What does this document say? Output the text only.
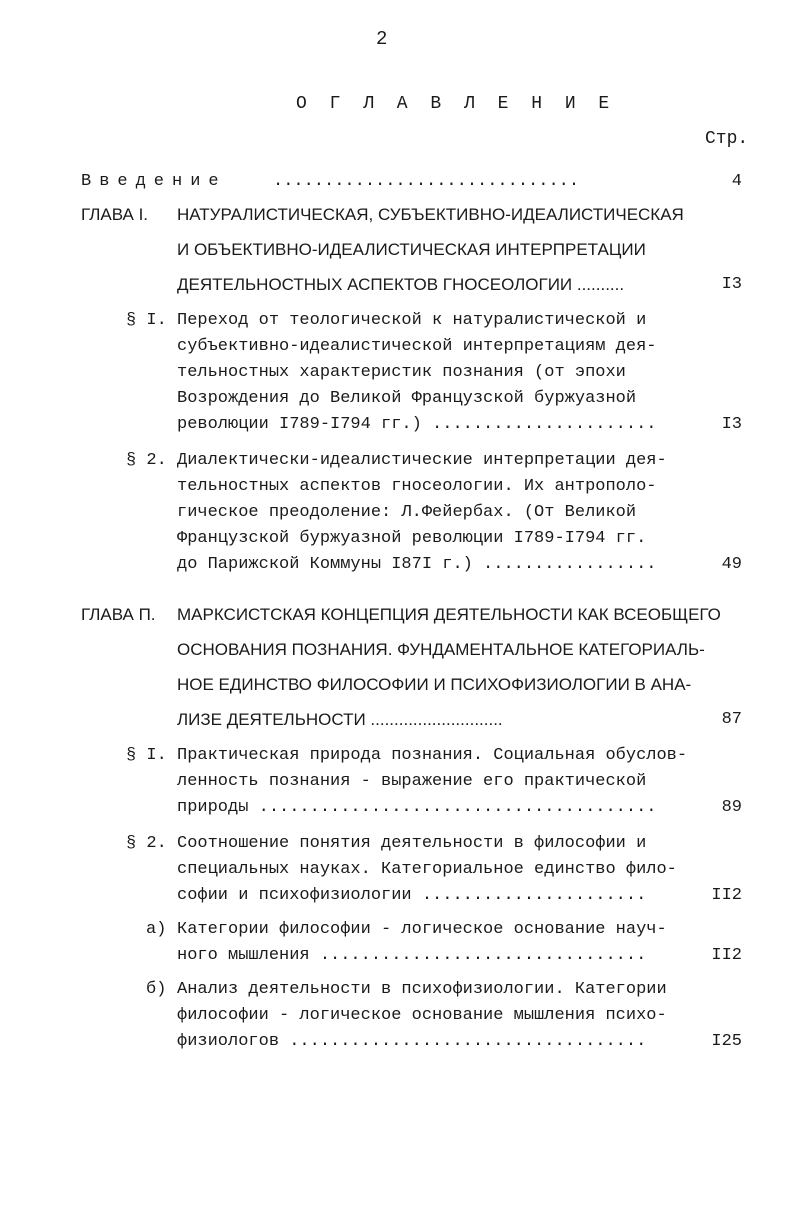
2
О Г Л А В Л Е Н И Е
Стр.
Введение	..............................	4
ГЛАВА I. НАТУРАЛИСТИЧЕСКАЯ, СУБЪЕКТИВНО-ИДЕАЛИСТИЧЕСКАЯ
И ОБЪЕКТИВНО-ИДЕАЛИСТИЧЕСКАЯ ИНТЕРПРЕТАЦИИ
ДЕЯТЕЛЬНОСТНЫХ АСПЕКТОВ ГНОСЕОЛОГИИ ..........	I3
§ I. Переход от теологической к натуралистической и
субъективно-идеалистической интерпретациям дея-
тельностных характеристик познания (от эпохи
Возрождения до Великой Французской буржуазной
революции I789-I794 гг.) ......................	I3
§ 2. Диалектически-идеалистические интерпретации дея-
тельностных аспектов гносеологии. Их антрополо-
гическое преодоление: Л.Фейербах. (От Великой
Французской буржуазной революции I789-I794 гг.
до Парижской Коммуны I87I г.) .................	49
ГЛАВА П. МАРКСИСТСКАЯ КОНЦЕПЦИЯ ДЕЯТЕЛЬНОСТИ КАК ВСЕОБЩЕГО
ОСНОВАНИЯ ПОЗНАНИЯ. ФУНДАМЕНТАЛЬНОЕ КАТЕГОРИАЛЬ-
НОЕ ЕДИНСТВО ФИЛОСОФИИ И ПСИХОФИЗИОЛОГИИ В АНА-
ЛИЗЕ ДЕЯТЕЛЬНОСТИ ............................	87
§ I. Практическая природа познания. Социальная обуслов-
ленность познания - выражение его практической
природы .......................................	89
§ 2. Соотношение понятия деятельности в философии и
специальных науках. Категориальное единство фило-
софии и психофизиологии ......................	II2
а) Категории философии - логическое основание науч-
ного мышления ................................	II2
б) Анализ деятельности в психофизиологии. Категории
философии - логическое основание мышления психо-
физиологов ...................................	I25
